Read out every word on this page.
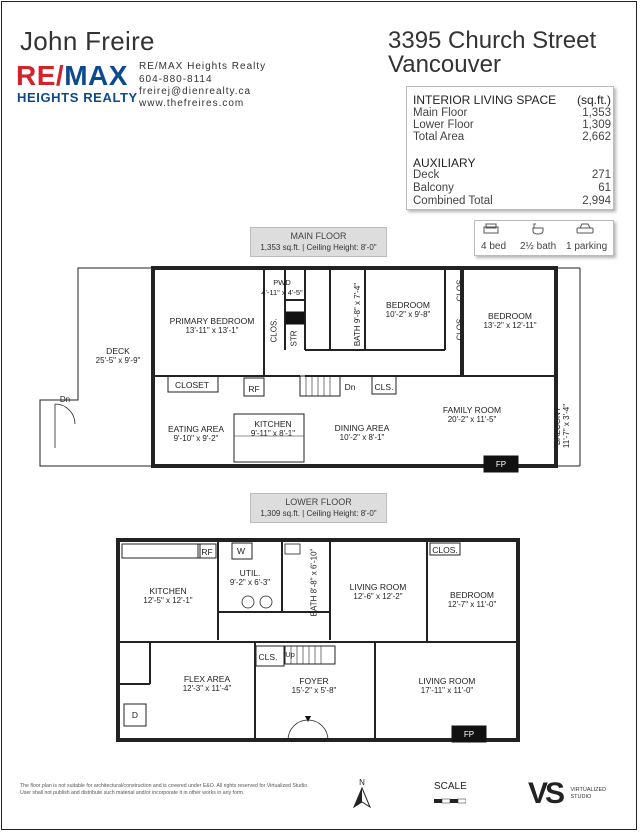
John Freire
RE/MAX
HEIGHTS REALTY
RE/MAX Heights Realty
604-880-8114
freirej@dienrealty.ca
www.thefreires.com
3395 Church Street
Vancouver
INTERIOR LIVING SPACE (sq.ft.)
Main Floor	1,353
Lower Floor	1,309
Total Area	2,662
AUXILIARY
Deck	271
Balcony	61
Combined Total	2,994
4 bed 2½ bath 1 parking
MAIN FLOOR
1,353 sq.ft. | Ceiling Height: 8'-0"
DECK
25'-5" x 9'-9"
Dn
PRIMARY BEDROOM
13'-11" x 13'-1"
PWD
4'-11" x 4'-5"
BATH 9'-8" x 7'-4"	BEDROOM
10'-2" x 9'-8"	BEDROOM
13'-2" x 12'-11"
CLOS. STR
CLOS.
CLOS.
CLOSET	RF	Dn CLS.
EATING AREA
9'-10" x 9'-2"
KITCHEN
9'-11" x 8'-1"
DINING AREA
10'-2" x 8'-1"
FAMILY ROOM
20'-2" x 11'-5"	BALCONY 11'-7" x 3'-4"
FP
LOWER FLOOR
1,309 sq.ft. | Ceiling Height: 8'-0"
RF	W
KITCHEN
12'-5" x 12'-1"
UTIL.
9'-2" x 6'-3"
BATH 8'-8" x 6'-10"	LIVING ROOM
12'-6" x 12'-2"
CLOS.
BEDROOM
12'-7" x 11'-0"
CLS. Up
FLEX AREA
12'-3" x 11'-4"
FOYER
15'-2" x 5'-8"
LIVING ROOM
17'-11" x 11'-0"
D
FP
The floor plan is not suitable for architectural/construction and is covered under E&O. All rights reserved for Virtualized Studio. User shall not publish and distribute such material and/or incorporate it in other works in any form.
N	SCALE VS VIRTUALIZED
STUDIO
